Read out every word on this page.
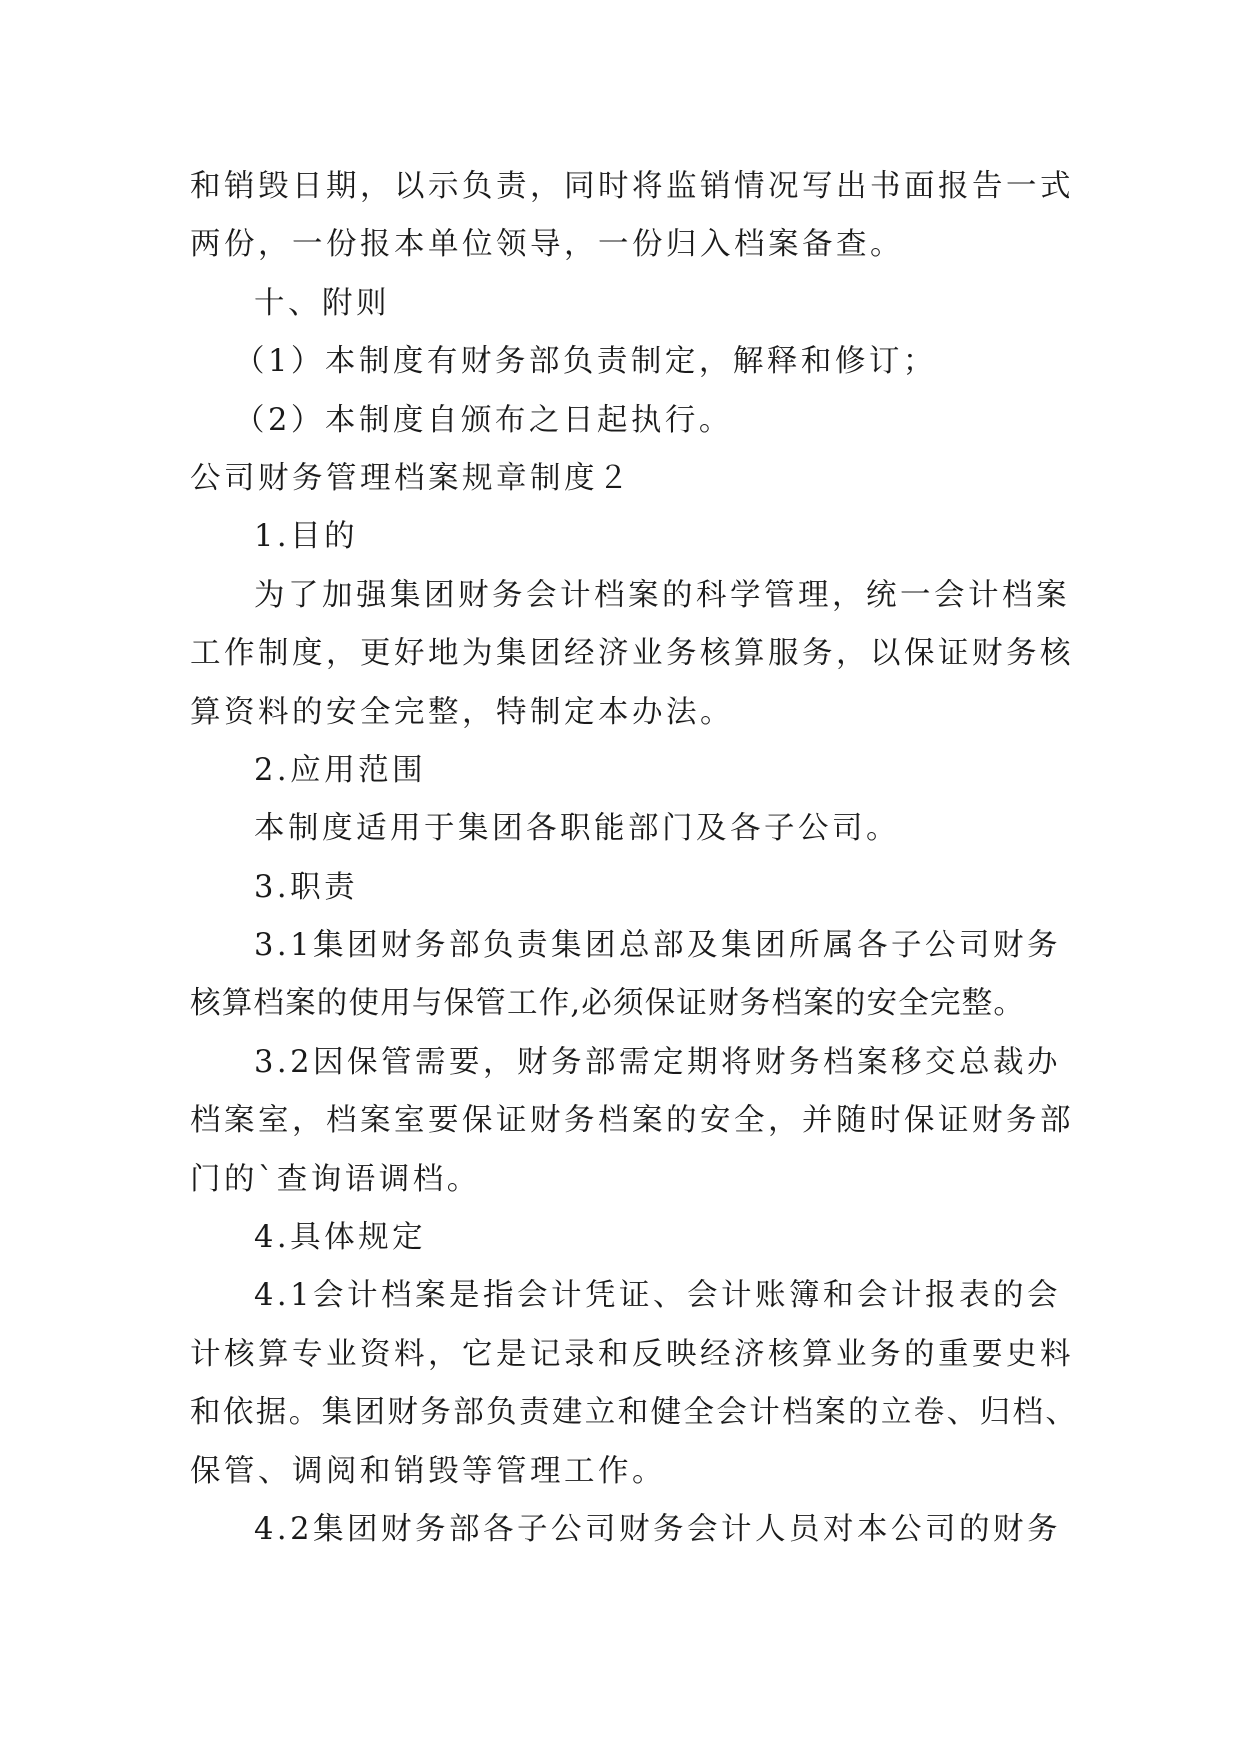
和销毁日期，以示负责，同时将监销情况写出书面报告一式
两份，一份报本单位领导，一份归入档案备查。
十、附则
（1）本制度有财务部负责制定，解释和修订；
（2）本制度自颁布之日起执行。
公司财务管理档案规章制度２
1.目的
为了加强集团财务会计档案的科学管理，统一会计档案
工作制度，更好地为集团经济业务核算服务，以保证财务核
算资料的安全完整，特制定本办法。
2.应用范围
本制度适用于集团各职能部门及各子公司。
3.职责
3.1集团财务部负责集团总部及集团所属各子公司财务
核算档案的使用与保管工作,必须保证财务档案的安全完整。
3.2因保管需要，财务部需定期将财务档案移交总裁办
档案室，档案室要保证财务档案的安全，并随时保证财务部
门的`查询语调档。
4.具体规定
4.1会计档案是指会计凭证、会计账簿和会计报表的会
计核算专业资料，它是记录和反映经济核算业务的重要史料
和依据。集团财务部负责建立和健全会计档案的立卷、归档、
保管、调阅和销毁等管理工作。
4.2集团财务部各子公司财务会计人员对本公司的财务
